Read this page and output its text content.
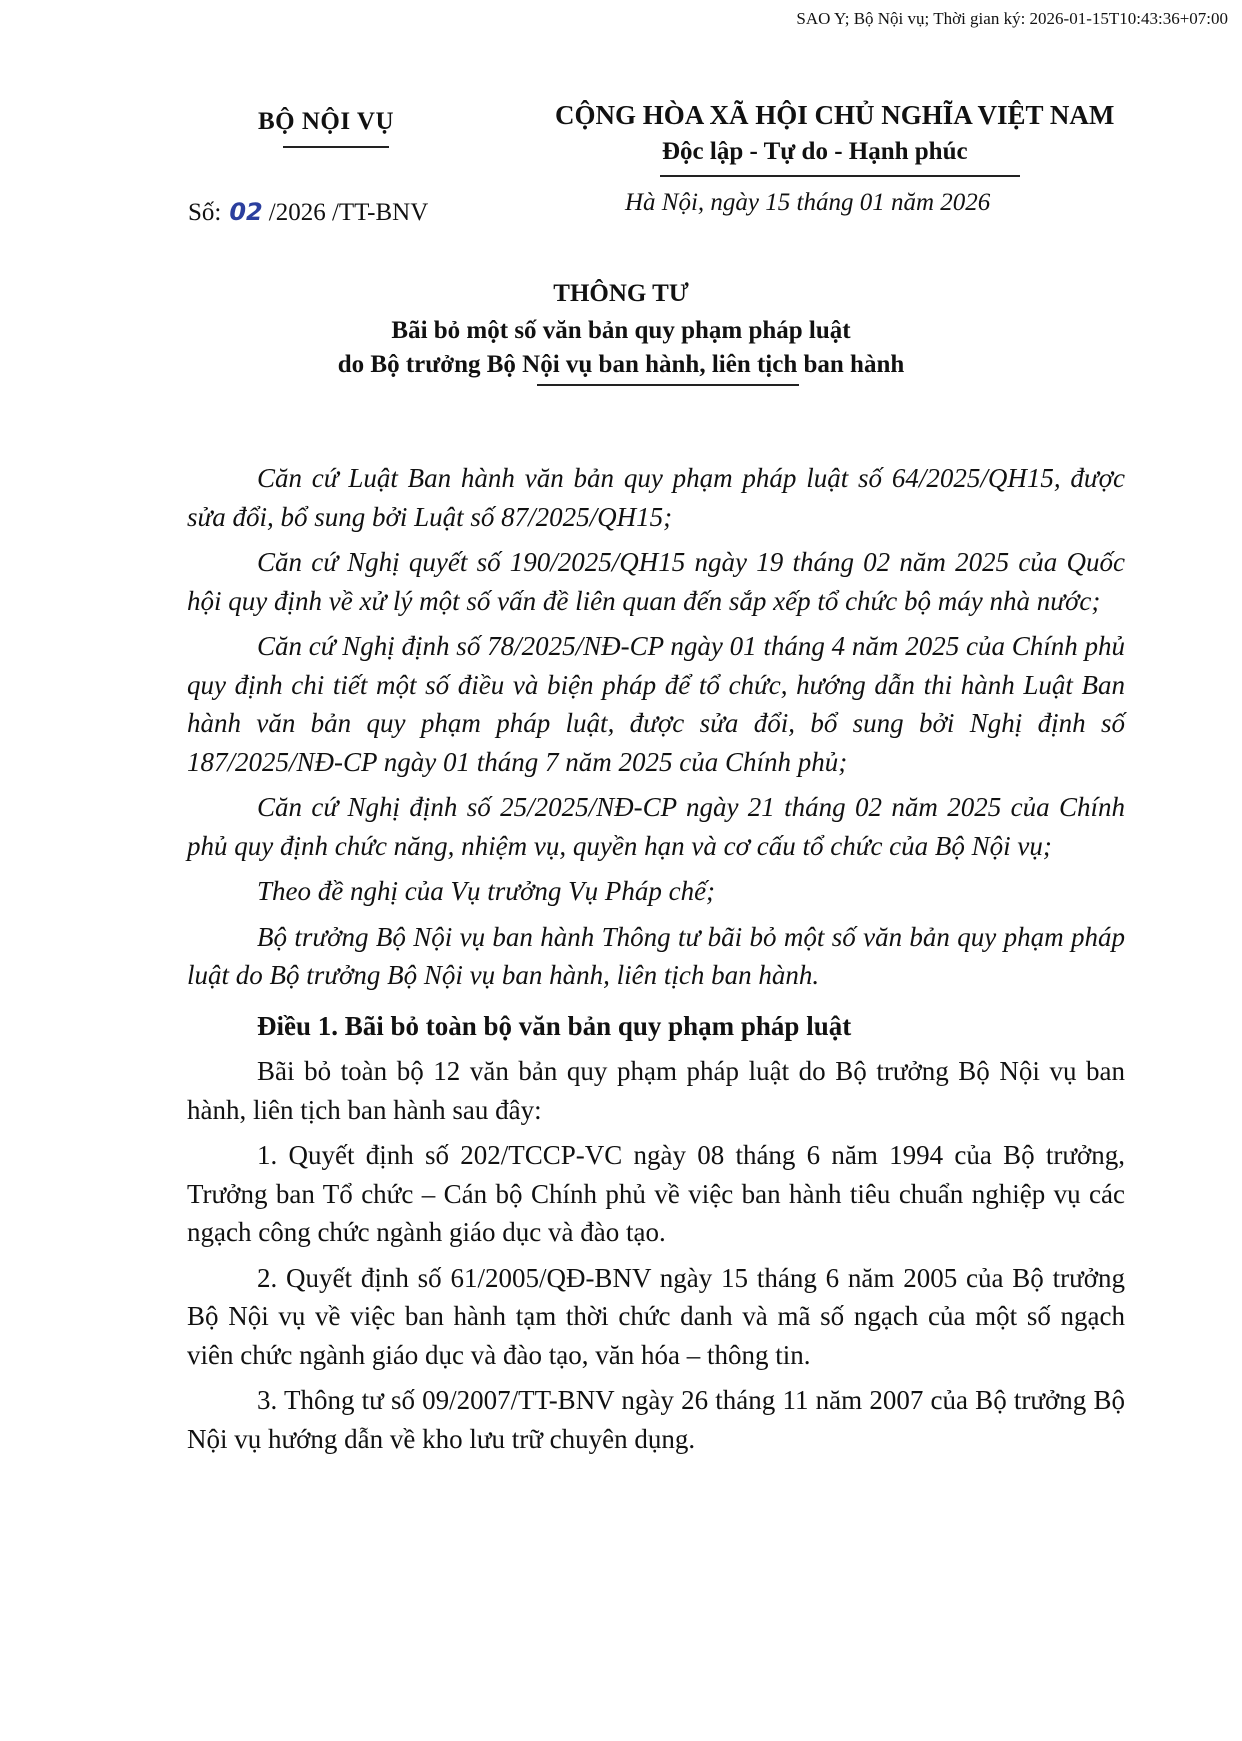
SAO Y; Bộ Nội vụ; Thời gian ký: 2026-01-15T10:43:36+07:00
BỘ NỘI VỤ	CỘNG HÒA XÃ HỘI CHỦ NGHĨA VIỆT NAM
Độc lập - Tự do - Hạnh phúc
Số: 02 /2026 /TT-BNV	Hà Nội, ngày 15 tháng 01 năm 2026
THÔNG TƯ
Bãi bỏ một số văn bản quy phạm pháp luật
do Bộ trưởng Bộ Nội vụ ban hành, liên tịch ban hành

Căn cứ Luật Ban hành văn bản quy phạm pháp luật số 64/2025/QH15, được sửa đổi, bổ sung bởi Luật số 87/2025/QH15;

Căn cứ Nghị quyết số 190/2025/QH15 ngày 19 tháng 02 năm 2025 của Quốc hội quy định về xử lý một số vấn đề liên quan đến sắp xếp tổ chức bộ máy nhà nước;

Căn cứ Nghị định số 78/2025/NĐ-CP ngày 01 tháng 4 năm 2025 của Chính phủ quy định chi tiết một số điều và biện pháp để tổ chức, hướng dẫn thi hành Luật Ban hành văn bản quy phạm pháp luật, được sửa đổi, bổ sung bởi Nghị định số 187/2025/NĐ-CP ngày 01 tháng 7 năm 2025 của Chính phủ;

Căn cứ Nghị định số 25/2025/NĐ-CP ngày 21 tháng 02 năm 2025 của Chính phủ quy định chức năng, nhiệm vụ, quyền hạn và cơ cấu tổ chức của Bộ Nội vụ;

Theo đề nghị của Vụ trưởng Vụ Pháp chế;

Bộ trưởng Bộ Nội vụ ban hành Thông tư bãi bỏ một số văn bản quy phạm pháp luật do Bộ trưởng Bộ Nội vụ ban hành, liên tịch ban hành.

Điều 1. Bãi bỏ toàn bộ văn bản quy phạm pháp luật

Bãi bỏ toàn bộ 12 văn bản quy phạm pháp luật do Bộ trưởng Bộ Nội vụ ban hành, liên tịch ban hành sau đây:

1. Quyết định số 202/TCCP-VC ngày 08 tháng 6 năm 1994 của Bộ trưởng, Trưởng ban Tổ chức – Cán bộ Chính phủ về việc ban hành tiêu chuẩn nghiệp vụ các ngạch công chức ngành giáo dục và đào tạo.

2. Quyết định số 61/2005/QĐ-BNV ngày 15 tháng 6 năm 2005 của Bộ trưởng Bộ Nội vụ về việc ban hành tạm thời chức danh và mã số ngạch của một số ngạch viên chức ngành giáo dục và đào tạo, văn hóa – thông tin.

3. Thông tư số 09/2007/TT-BNV ngày 26 tháng 11 năm 2007 của Bộ trưởng Bộ Nội vụ hướng dẫn về kho lưu trữ chuyên dụng.
